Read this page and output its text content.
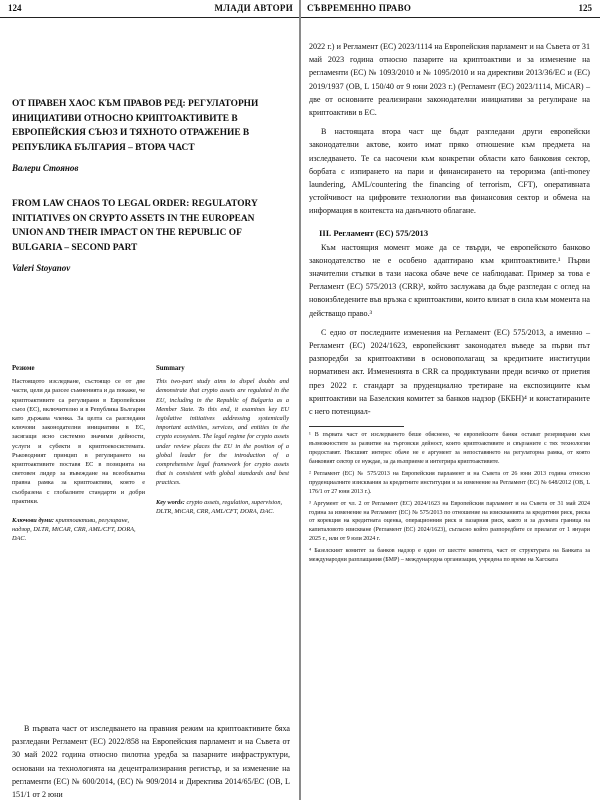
124	МЛАДИ АВТОРИ

ОТ ПРАВЕН ХАОС КЪМ ПРАВОВ РЕД: РЕГУЛАТОРНИ ИНИЦИАТИВИ ОТНОСНО КРИПТОАКТИВИТЕ В ЕВРОПЕЙСКИЯ СЪЮЗ И ТЯХНОТО ОТРАЖЕНИЕ В РЕПУБЛИКА БЪЛГАРИЯ – ВТОРА ЧАСТ

Валери Стоянов

FROM LAW CHAOS TO LEGAL ORDER: REGULATORY INITIATIVES ON CRYPTO ASSETS IN THE EUROPEAN UNION AND THEIR IMPACT ON THE REPUBLIC OF BULGARIA – SECOND PART

Valeri Stoyanov

Резюме

Настоящото изследване, състоящо се от две части, цели да разсее съмненията и да покаже, че криптоактивите са регулирани в Европейския съюз (ЕС), включително и в Република България като държава членка. За целта са разгледани ключови законодателни инициативи в ЕС, засягащи ясно системно значими дейности, услуги и субекти в криптоекосистемата. Ръководният принцип в регулирането на криптоактивите поставя ЕС в позицията на световен лидер за въвеждане на всеобхватна правна рамка за криптоактиви, която е съобразена с глобалните стандарти и добри практики.

Ключови думи: криптоактиви, регулиране, надзор, DLTR, MiCAR, CRR, AML/CFT, DORA, DAC.

Summary

This two-part study aims to dispel doubts and demonstrate that crypto assets are regulated in the EU, including in the Republic of Bulgaria as a Member State. To this end, it examines key EU legislative initiatives addressing systemically important activities, services, and entities in the crypto ecosystem. The legal regime for crypto assets under review places the EU in the position of a global leader for the introduction of a comprehensive legal framework for crypto assets that is consistent with global standards and best practices.

Key words: crypto assets, regulation, supervision, DLTR, MiCAR, CRR, AML/CFT, DORA, DAC.

В първата част от изследването на правния режим на криптоактивите бяха разгледани Регламент (ЕС) 2022/858 на Европейския парламент и на Съвета от 30 май 2022 година относно пилотна уредба за пазарните инфраструктури, основани на технологията на децентрализирания регистър, и за изменение на регламенти (ЕС) № 600/2014, (ЕС) № 909/2014 и Директива 2014/65/ЕС (OB, L 151/1 от 2 юни

СЪВРЕМЕННО ПРАВО	125

2022 г.) и Регламент (ЕС) 2023/1114 на Европейския парламент и на Съвета от 31 май 2023 година относно пазарите на криптоактиви и за изменение на регламенти (ЕС) № 1093/2010 и № 1095/2010 и на директиви 2013/36/ЕС и (ЕС) 2019/1937 (OB, L 150/40 от 9 юни 2023 г.) (Регламент (ЕС) 2023/1114, MiCAR) – две от основните реализирани законодателни инициативи за регулиране на криптоактиви в ЕС.

В настоящата втора част ще бъдат разгледани други европейски законодателни актове, които имат пряко отношение към предмета на изследването. Те са насочени към конкретни области като банковия сектор, борбата с изпирането на пари и финансирането на тероризма (anti-money laundering, AML/countering the financing of terrorism, CFT), оперативната устойчивост на цифровите технологии във финансовия сектор и обмена на информация в контекста на данъчното облагане.

III. Регламент (ЕС) 575/2013

Към настоящия момент може да се твърди, че европейското банково законодателство не е особено адаптирано към криптоактивите.¹ Първи значителни стъпки в тази насока обаче вече се наблюдават. Пример за това е Регламент (ЕС) 575/2013 (CRR)², който заслужава да бъде разгледан с оглед на новоизбледените във връзка с криптоактиви, които влизат в сила към момента на действащо право.³

С едно от последните изменения на Регламент (ЕС) 575/2013, а именно – Регламент (ЕС) 2024/1623, европейският законодател въведе за първи път разпоредби за криптоактиви в основополагащ за кредитните институции нормативен акт. Измененията в CRR са продиктувани преди всичко от приетия през 2022 г. стандарт за пруденциално третиране на експозициите към криптоактиви на Базелския комитет за банков надзор (БКБН)⁴ и констатираните с него потенциал-

¹ В първата част от изследването беше обяснено, че европейските банки остават резервирани към възможностите за развитие на търговски дейност, които криптоактивите и свързаните с тях технологии предоставят. Нисшият интерес обаче не е аргумент за непоставянето на регулаторна рамка, от която банковият сектор се нуждае, за да възприеме и интегрира криптоактивите.

² Регламент (ЕС) № 575/2013 на Европейския парламент и на Съвета от 26 юни 2013 година относно пруденциалните изисквания за кредитните институции и за изменение на Регламент (ЕС) № 648/2012 (OB, L 176/1 от 27 юни 2013 г.).

³ Аргумент от чл. 2 от Регламент (ЕС) 2024/1623 на Европейския парламент и на Съвета от 31 май 2024 година за изменение на Регламент (ЕС) № 575/2013 по отношение на изискванията за кредитния риск, риска от корекция на кредитната оценка, операционния риск и пазарния риск, както и за долната граница на капиталовото изискване (Регламент (ЕС) 2024/1623), съгласно който разпоредбите се прилагат от 1 януари 2025 г., или от 9 юли 2024 г.

⁴ Базелският комитет за банков надзор е един от шестте комитета, част от структурата на Банката за международни разплащания (БМР) – международна организация, учредена по време на Хагската
